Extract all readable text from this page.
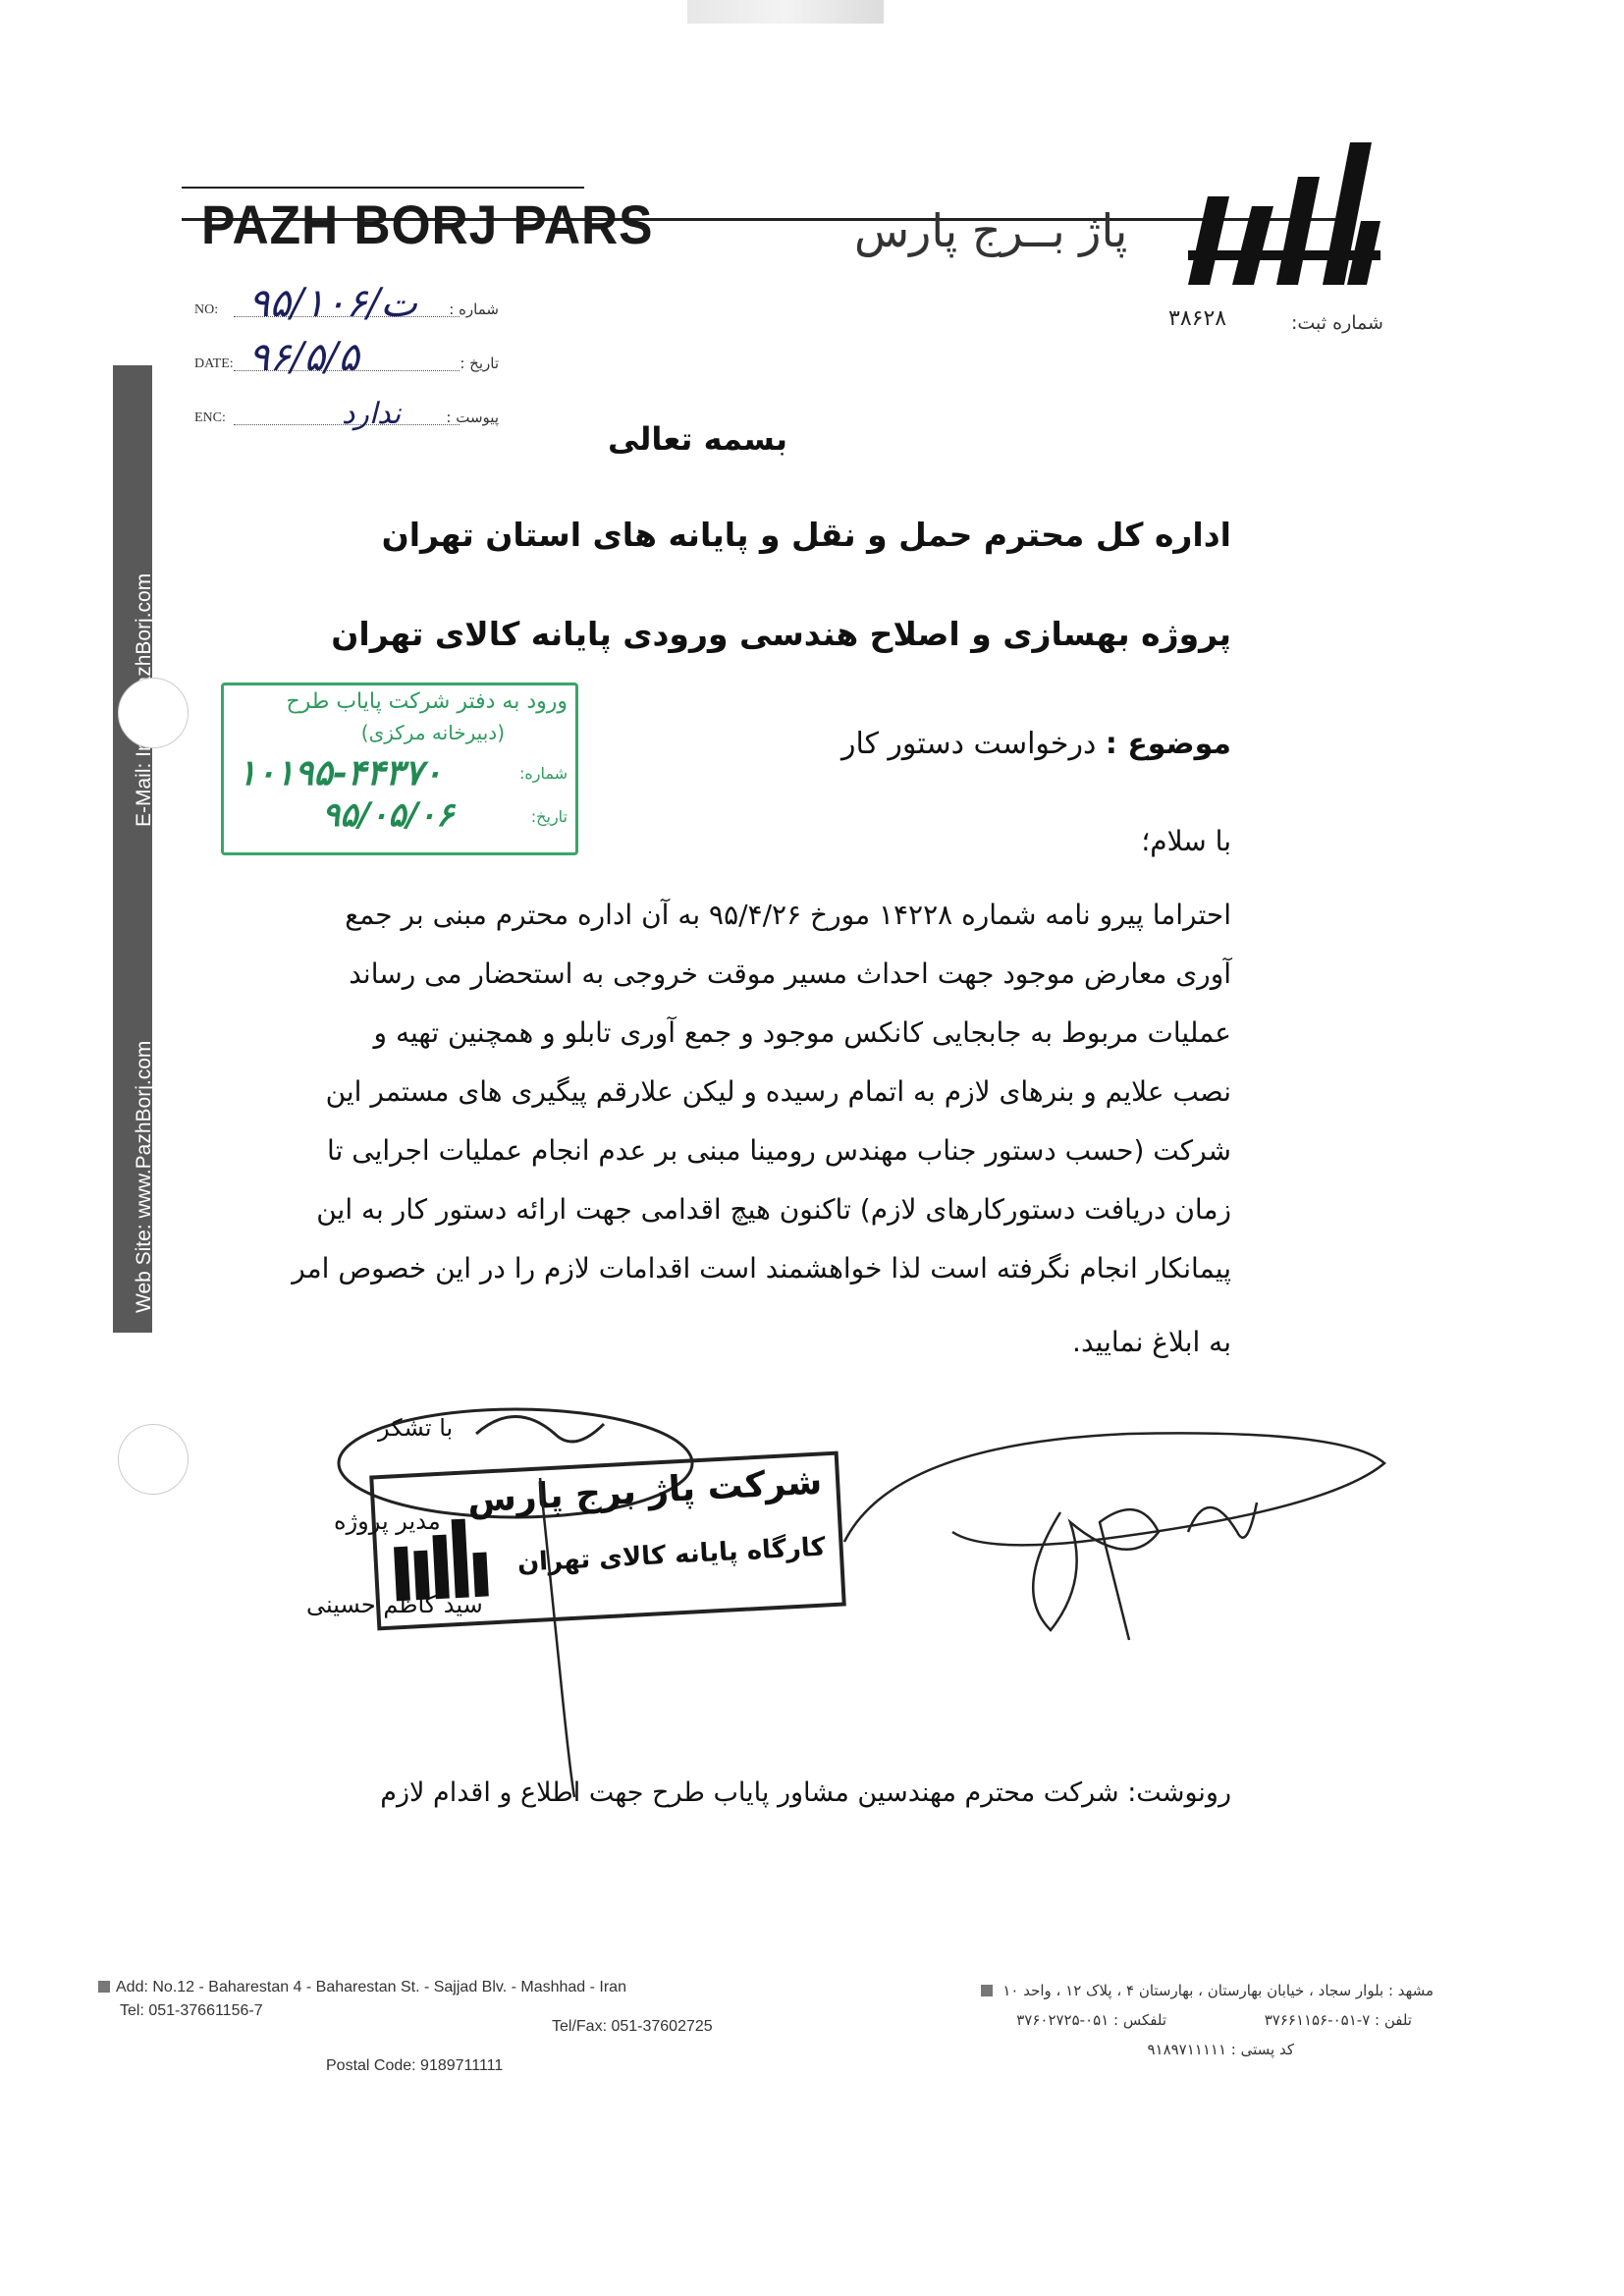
PAZH BORJ PARS	پاژ بــرج پارس
شماره ثبت:
۳۸۶۲۸
NO: ۹۵/ت/۱۰۶ شماره :
DATE: ۹۶/۵/۵	تاریخ :
ENC:	ندارد	پیوست :
Web Site: www.PazhBorj.com
بسمه تعالی
اداره کل محترم حمل و نقل و پایانه های استان تهران
پروژه بهسازی و اصلاح هندسی ورودی پایانه کالای تهران
موضوع : درخواست دستور کار
با سلام؛
احتراما پیرو نامه شماره ۱۴۲۲۸ مورخ ۹۵/۴/۲۶ به آن اداره محترم مبنی بر جمع
آوری معارض موجود جهت احداث مسیر موقت خروجی به استحضار می رساند
عملیات مربوط به جابجایی کانکس موجود و جمع آوری تابلو و همچنین تهیه و
نصب علایم و بنرهای لازم به اتمام رسیده و لیکن علارقم پیگیری های مستمر این
شرکت (حسب دستور جناب مهندس رومینا مبنی بر عدم انجام عملیات اجرایی تا
زمان دریافت دستورکارهای لازم) تاکنون هیچ اقدامی جهت ارائه دستور کار به این
پیمانکار انجام نگرفته است لذا خواهشمند است اقدامات لازم را در این خصوص امر
به ابلاغ نمایید.
ورود به دفتر شرکت پایاب طرح
(دبیرخانه مرکزی)
شماره:
۱۰۱۹۵-۴۴۳۷۰
تاریخ:
۹۵/۰۵/۰۶
با تشکر
شرکت پاژ برج پارس
کارگاه پایانه کالای تهران
مدیر پروژه
سید کاظم حسینی
رونوشت: شرکت محترم مهندسین مشاور پایاب طرح جهت اطلاع و اقدام لازم
Add: No.12 - Baharestan 4 - Baharestan St. - Sajjad Blv. - Mashhad - Iran
Tel: 051-37661156-7
Tel/Fax: 051-37602725
Postal Code: 9189711111
مشهد : بلوار سجاد ، خیابان بهارستان ، بهارستان ۴ ، پلاک ۱۲ ، واحد ۱۰
تلفن : ۷-۰۵۱-۳۷۶۶۱۱۵۶
تلفکس : ۰۵۱-۳۷۶۰۲۷۲۵
کد پستی : ۹۱۸۹۷۱۱۱۱۱
